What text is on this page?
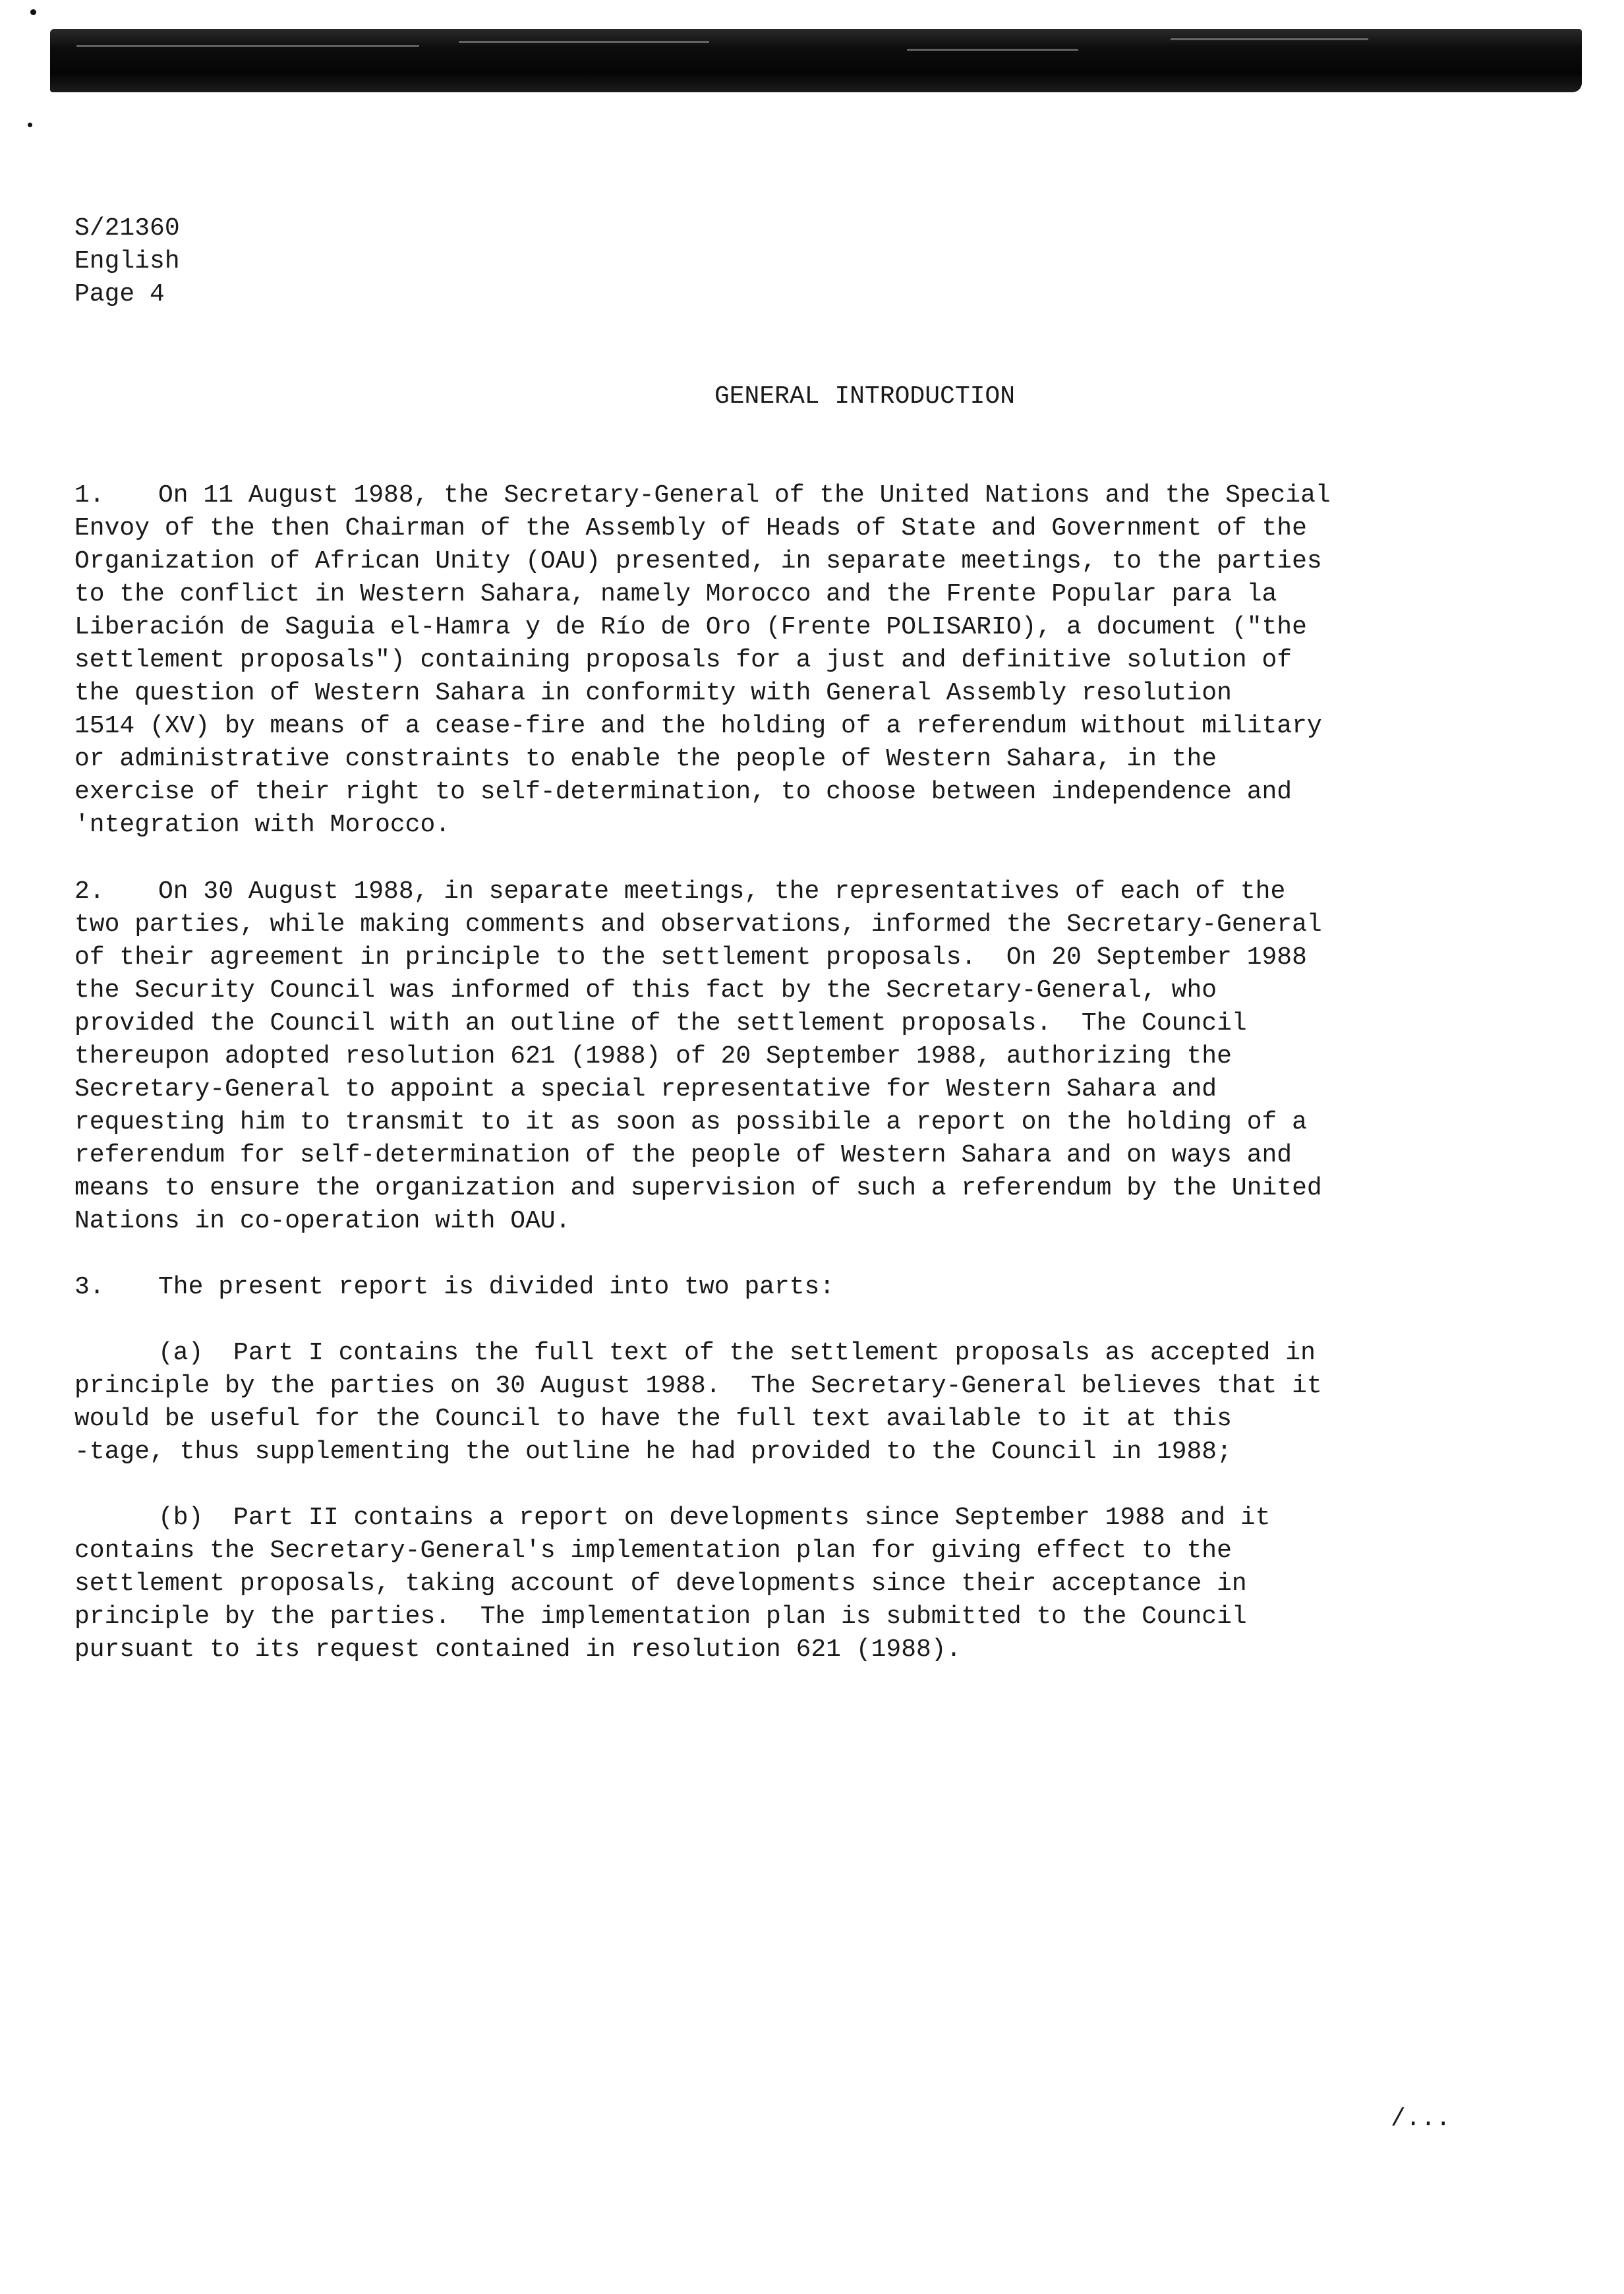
S/21360
English
Page 4
GENERAL INTRODUCTION
1. On 11 August 1988, the Secretary-General of the United Nations and the Special
Envoy of the then Chairman of the Assembly of Heads of State and Government of the
Organization of African Unity (OAU) presented, in separate meetings, to the parties
to the conflict in Western Sahara, namely Morocco and the Frente Popular para la
Liberación de Saguia el-Hamra y de Río de Oro (Frente POLISARIO), a document ("the
settlement proposals") containing proposals for a just and definitive solution of
the question of Western Sahara in conformity with General Assembly resolution
1514 (XV) by means of a cease-fire and the holding of a referendum without military
or administrative constraints to enable the people of Western Sahara, in the
exercise of their right to self-determination, to choose between independence and
'ntegration with Morocco.
2. On 30 August 1988, in separate meetings, the representatives of each of the
two parties, while making comments and observations, informed the Secretary-General
of their agreement in principle to the settlement proposals.  On 20 September 1988
the Security Council was informed of this fact by the Secretary-General, who
provided the Council with an outline of the settlement proposals.  The Council
thereupon adopted resolution 621 (1988) of 20 September 1988, authorizing the
Secretary-General to appoint a special representative for Western Sahara and
requesting him to transmit to it as soon as possibile a report on the holding of a
referendum for self-determination of the people of Western Sahara and on ways and
means to ensure the organization and supervision of such a referendum by the United
Nations in co-operation with OAU.
3. The present report is divided into two parts:
(a)  Part I contains the full text of the settlement proposals as accepted in
principle by the parties on 30 August 1988.  The Secretary-General believes that it
would be useful for the Council to have the full text available to it at this
-tage, thus supplementing the outline he had provided to the Council in 1988;
(b)  Part II contains a report on developments since September 1988 and it
contains the Secretary-General's implementation plan for giving effect to the
settlement proposals, taking account of developments since their acceptance in
principle by the parties.  The implementation plan is submitted to the Council
pursuant to its request contained in resolution 621 (1988).
/...
